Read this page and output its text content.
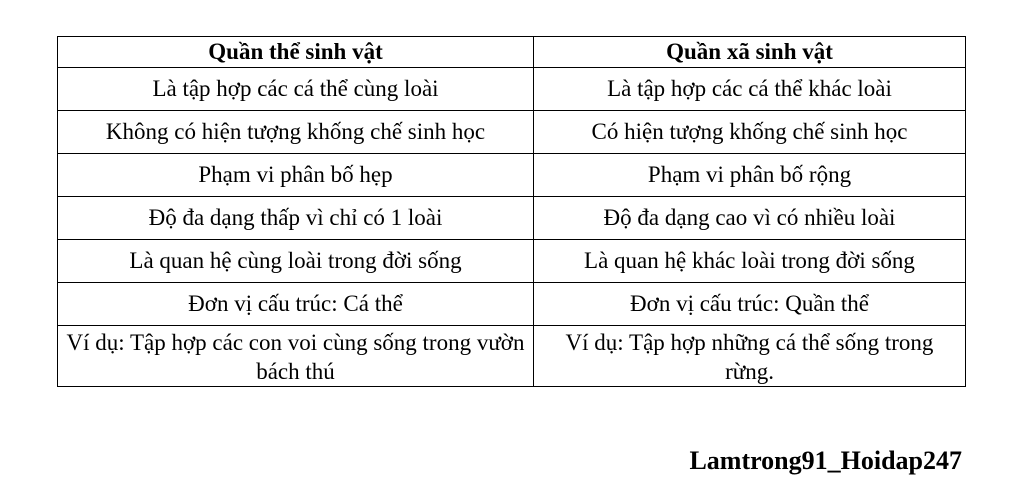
Quần thể sinh vật	Quần xã sinh vật
Là tập hợp các cá thể cùng loài	Là tập hợp các cá thể khác loài
Không có hiện tượng khống chế sinh học	Có hiện tượng khống chế sinh học
Phạm vi phân bố hẹp	Phạm vi phân bố rộng
Độ đa dạng thấp vì chỉ có 1 loài	Độ đa dạng cao vì có nhiều loài
Là quan hệ cùng loài trong đời sống	Là quan hệ khác loài trong đời sống
Đơn vị cấu trúc: Cá thể	Đơn vị cấu trúc: Quần thể
Ví dụ: Tập hợp các con voi cùng sống trong vườn bách thú	Ví dụ: Tập hợp những cá thể sống trong rừng.
Lamtrong91_Hoidap247
